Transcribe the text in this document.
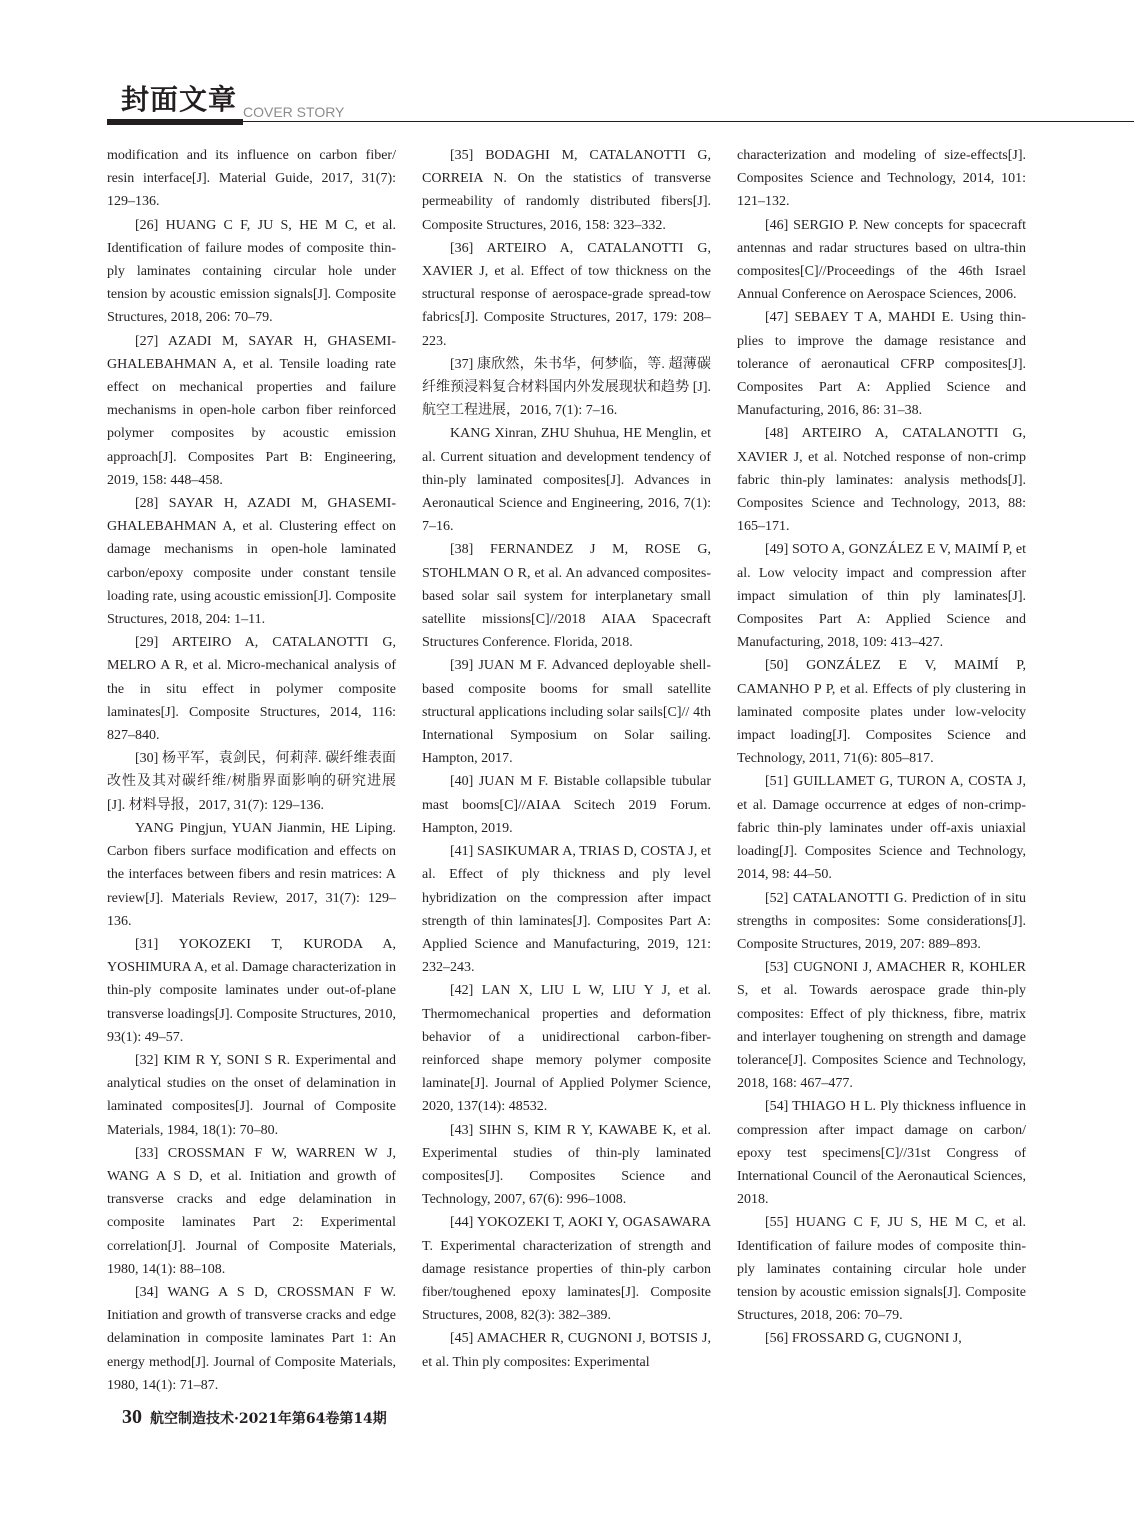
封面文章 COVER STORY

modification and its influence on carbon fiber/ resin interface[J]. Material Guide, 2017, 31(7): 129–136.

[26] HUANG C F, JU S, HE M C, et al. Identification of failure modes of composite thin-ply laminates containing circular hole under tension by acoustic emission signals[J]. Composite Structures, 2018, 206: 70–79.

[27] AZADI M, SAYAR H, GHASEMI-GHALEBAHMAN A, et al. Tensile loading rate effect on mechanical properties and failure mechanisms in open-hole carbon fiber reinforced polymer composites by acoustic emission approach[J]. Composites Part B: Engineering, 2019, 158: 448–458.

[28] SAYAR H, AZADI M, GHASEMI-GHALEBAHMAN A, et al. Clustering effect on damage mechanisms in open-hole laminated carbon/epoxy composite under constant tensile loading rate, using acoustic emission[J]. Composite Structures, 2018, 204: 1–11.

[29] ARTEIRO A, CATALANOTTI G, MELRO A R, et al. Micro-mechanical analysis of the in situ effect in polymer composite laminates[J]. Composite Structures, 2014, 116: 827–840.

[30] 杨平军，袁剑民，何莉萍. 碳纤维表面改性及其对碳纤维/树脂界面影响的研究进展 [J]. 材料导报，2017, 31(7): 129–136.

YANG Pingjun, YUAN Jianmin, HE Liping. Carbon fibers surface modification and effects on the interfaces between fibers and resin matrices: A review[J]. Materials Review, 2017, 31(7): 129–136.

[31] YOKOZEKI T, KURODA A, YOSHIMURA A, et al. Damage characterization in thin-ply composite laminates under out-of-plane transverse loadings[J]. Composite Structures, 2010, 93(1): 49–57.

[32] KIM R Y, SONI S R. Experimental and analytical studies on the onset of delamination in laminated composites[J]. Journal of Composite Materials, 1984, 18(1): 70–80.

[33] CROSSMAN F W, WARREN W J, WANG A S D, et al. Initiation and growth of transverse cracks and edge delamination in composite laminates Part 2: Experimental correlation[J]. Journal of Composite Materials, 1980, 14(1): 88–108.

[34] WANG A S D, CROSSMAN F W. Initiation and growth of transverse cracks and edge delamination in composite laminates Part 1: An energy method[J]. Journal of Composite Materials, 1980, 14(1): 71–87.

[35] BODAGHI M, CATALANOTTI G, CORREIA N. On the statistics of transverse permeability of randomly distributed fibers[J]. Composite Structures, 2016, 158: 323–332.

[36] ARTEIRO A, CATALANOTTI G, XAVIER J, et al. Effect of tow thickness on the structural response of aerospace-grade spread-tow fabrics[J]. Composite Structures, 2017, 179: 208–223.

[37] 康欣然，朱书华，何梦临，等. 超薄碳纤维预浸料复合材料国内外发展现状和趋势 [J]. 航空工程进展，2016, 7(1): 7–16.

KANG Xinran, ZHU Shuhua, HE Menglin, et al. Current situation and development tendency of thin-ply laminated composites[J]. Advances in Aeronautical Science and Engineering, 2016, 7(1): 7–16.

[38] FERNANDEZ J M, ROSE G, STOHLMAN O R, et al. An advanced composites-based solar sail system for interplanetary small satellite missions[C]//2018 AIAA Spacecraft Structures Conference. Florida, 2018.

[39] JUAN M F. Advanced deployable shell-based composite booms for small satellite structural applications including solar sails[C]// 4th International Symposium on Solar sailing. Hampton, 2017.

[40] JUAN M F. Bistable collapsible tubular mast booms[C]//AIAA Scitech 2019 Forum. Hampton, 2019.

[41] SASIKUMAR A, TRIAS D, COSTA J, et al. Effect of ply thickness and ply level hybridization on the compression after impact strength of thin laminates[J]. Composites Part A: Applied Science and Manufacturing, 2019, 121: 232–243.

[42] LAN X, LIU L W, LIU Y J, et al. Thermomechanical properties and deformation behavior of a unidirectional carbon-fiber-reinforced shape memory polymer composite laminate[J]. Journal of Applied Polymer Science, 2020, 137(14): 48532.

[43] SIHN S, KIM R Y, KAWABE K, et al. Experimental studies of thin-ply laminated composites[J]. Composites Science and Technology, 2007, 67(6): 996–1008.

[44] YOKOZEKI T, AOKI Y, OGASAWARA T. Experimental characterization of strength and damage resistance properties of thin-ply carbon fiber/toughened epoxy laminates[J]. Composite Structures, 2008, 82(3): 382–389.

[45] AMACHER R, CUGNONI J, BOTSIS J, et al. Thin ply composites: Experimental

characterization and modeling of size-effects[J]. Composites Science and Technology, 2014, 101: 121–132.

[46] SERGIO P. New concepts for spacecraft antennas and radar structures based on ultra-thin composites[C]//Proceedings of the 46th Israel Annual Conference on Aerospace Sciences, 2006.

[47] SEBAEY T A, MAHDI E. Using thin-plies to improve the damage resistance and tolerance of aeronautical CFRP composites[J]. Composites Part A: Applied Science and Manufacturing, 2016, 86: 31–38.

[48] ARTEIRO A, CATALANOTTI G, XAVIER J, et al. Notched response of non-crimp fabric thin-ply laminates: analysis methods[J]. Composites Science and Technology, 2013, 88: 165–171.

[49] SOTO A, GONZÁLEZ E V, MAIMÍ P, et al. Low velocity impact and compression after impact simulation of thin ply laminates[J]. Composites Part A: Applied Science and Manufacturing, 2018, 109: 413–427.

[50] GONZÁLEZ E V, MAIMÍ P, CAMANHO P P, et al. Effects of ply clustering in laminated composite plates under low-velocity impact loading[J]. Composites Science and Technology, 2011, 71(6): 805–817.

[51] GUILLAMET G, TURON A, COSTA J, et al. Damage occurrence at edges of non-crimp-fabric thin-ply laminates under off-axis uniaxial loading[J]. Composites Science and Technology, 2014, 98: 44–50.

[52] CATALANOTTI G. Prediction of in situ strengths in composites: Some considerations[J]. Composite Structures, 2019, 207: 889–893.

[53] CUGNONI J, AMACHER R, KOHLER S, et al. Towards aerospace grade thin-ply composites: Effect of ply thickness, fibre, matrix and interlayer toughening on strength and damage tolerance[J]. Composites Science and Technology, 2018, 168: 467–477.

[54] THIAGO H L. Ply thickness influence in compression after impact damage on carbon/ epoxy test specimens[C]//31st Congress of International Council of the Aeronautical Sciences, 2018.

[55] HUANG C F, JU S, HE M C, et al. Identification of failure modes of composite thin-ply laminates containing circular hole under tension by acoustic emission signals[J]. Composite Structures, 2018, 206: 70–79.

[56] FROSSARD G, CUGNONI J,

30 航空制造技术·2021年第64卷第14期
